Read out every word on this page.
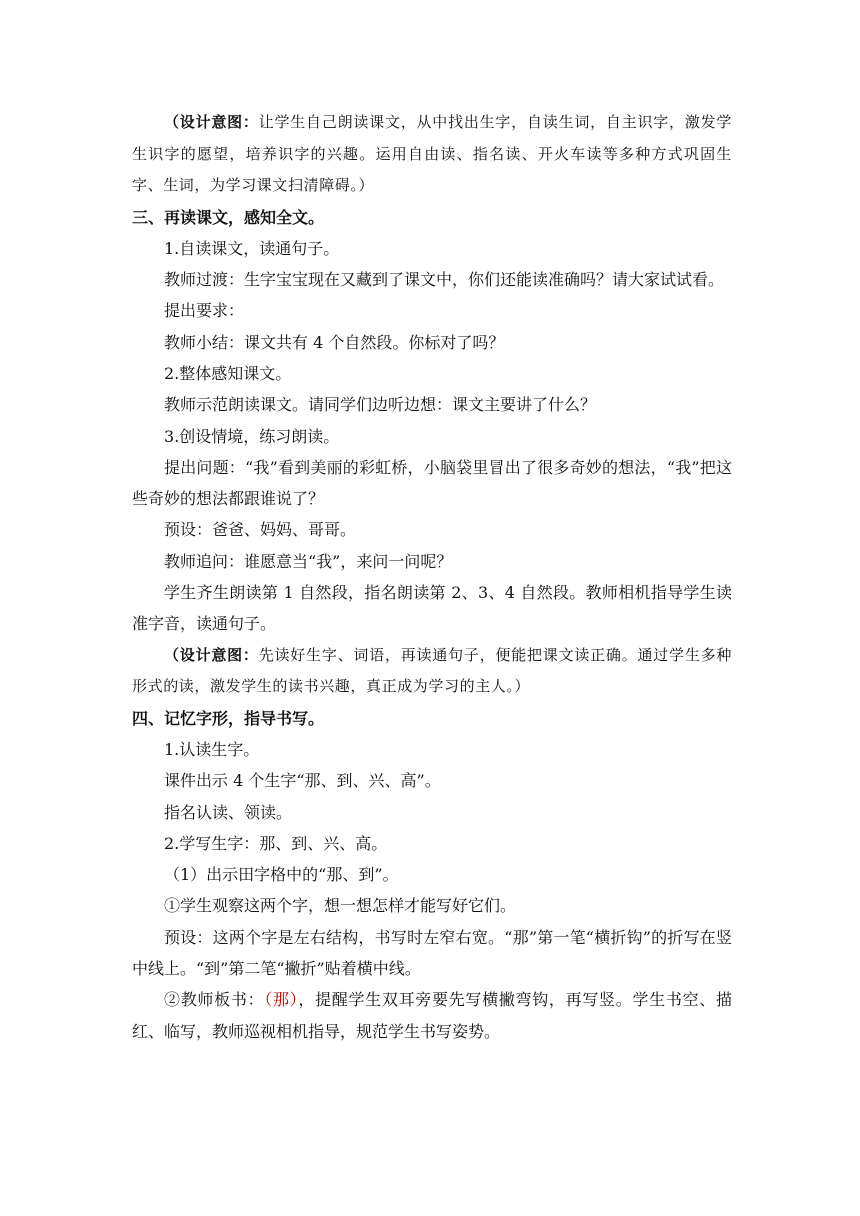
（设计意图：让学生自己朗读课文，从中找出生字，自读生词，自主识字，激发学生识字的愿望，培养识字的兴趣。运用自由读、指名读、开火车读等多种方式巩固生字、生词，为学习课文扫清障碍。）

三、再读课文，感知全文。

1.自读课文，读通句子。

教师过渡：生字宝宝现在又藏到了课文中，你们还能读准确吗？请大家试试看。

提出要求：

教师小结：课文共有 4 个自然段。你标对了吗？

2.整体感知课文。

教师示范朗读课文。请同学们边听边想：课文主要讲了什么？

3.创设情境，练习朗读。

提出问题：“我”看到美丽的彩虹桥，小脑袋里冒出了很多奇妙的想法，“我”把这些奇妙的想法都跟谁说了？

预设：爸爸、妈妈、哥哥。

教师追问：谁愿意当“我”，来问一问呢？

学生齐生朗读第 1 自然段，指名朗读第 2、3、4 自然段。教师相机指导学生读准字音，读通句子。

（设计意图：先读好生字、词语，再读通句子，便能把课文读正确。通过学生多种形式的读，激发学生的读书兴趣，真正成为学习的主人。）

四、记忆字形，指导书写。

1.认读生字。

课件出示 4 个生字“那、到、兴、高”。

指名认读、领读。

2.学写生字：那、到、兴、高。

（1）出示田字格中的“那、到”。

①学生观察这两个字，想一想怎样才能写好它们。

预设：这两个字是左右结构，书写时左窄右宽。“那”第一笔“横折钩”的折写在竖中线上。“到”第二笔“撇折”贴着横中线。

②教师板书：（那），提醒学生双耳旁要先写横撇弯钩，再写竖。学生书空、描红、临写，教师巡视相机指导，规范学生书写姿势。
